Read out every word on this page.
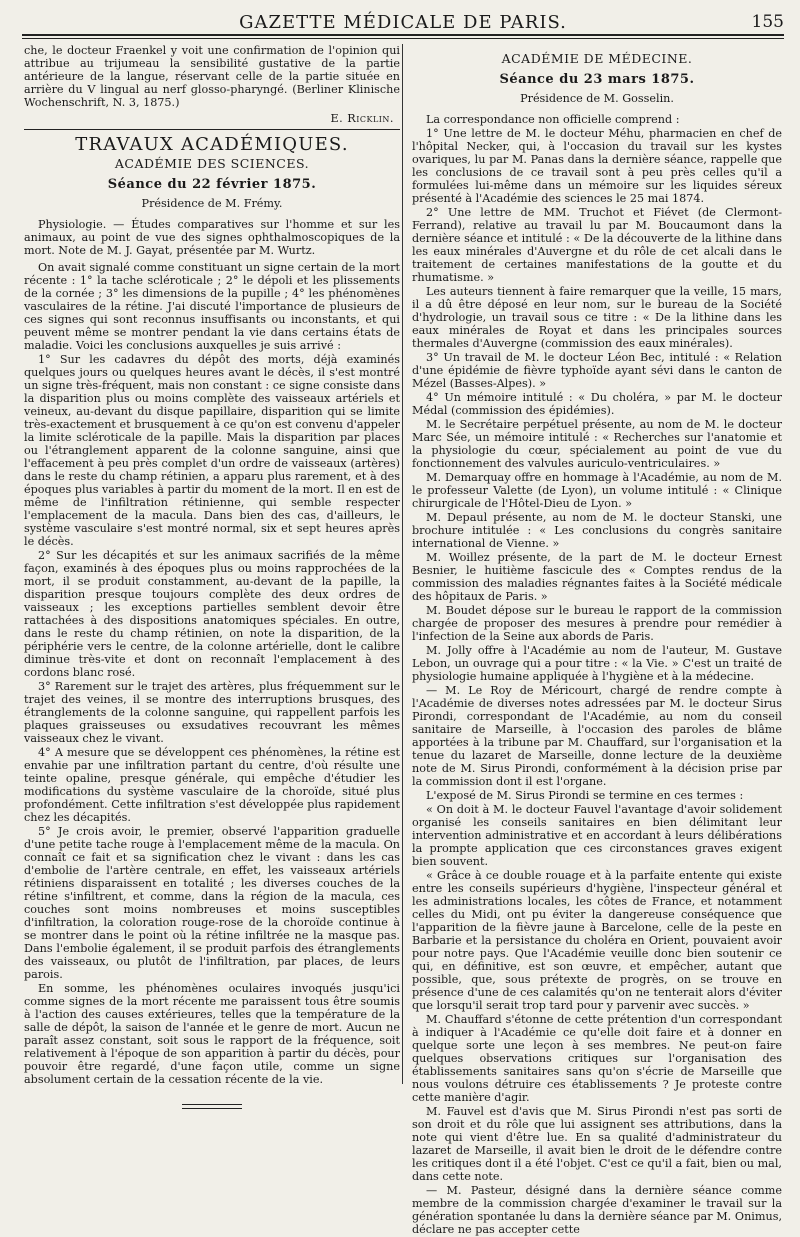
GAZETTE MÉDICALE DE PARIS.	155

che, le docteur Fraenkel y voit une confirmation de l'opinion qui attribue au trijumeau la sensibilité gustative de la partie antérieure de la langue, réservant celle de la partie située en arrière du V lingual au nerf glosso-pharyngé. (Berliner Klinische Wochenschrift, N. 3, 1875.)

E. Ricklin.
TRAVAUX ACADÉMIQUES.
ACADÉMIE DES SCIENCES.
Séance du 22 février 1875.
Présidence de M. Frémy.

Physiologie. — Études comparatives sur l'homme et sur les animaux, au point de vue des signes ophthalmoscopiques de la mort. Note de M. J. Gayat, présentée par M. Wurtz.

On avait signalé comme constituant un signe certain de la mort récente : 1° la tache scléroticale ; 2° le dépoli et les plissements de la cornée ; 3° les dimensions de la pupille ; 4° les phénomènes vasculaires de la rétine. J'ai discuté l'importance de plusieurs de ces signes qui sont reconnus insuffisants ou inconstants, et qui peuvent même se montrer pendant la vie dans certains états de maladie. Voici les conclusions auxquelles je suis arrivé :

1° Sur les cadavres du dépôt des morts, déjà examinés quelques jours ou quelques heures avant le décès, il s'est montré un signe très-fréquent, mais non constant : ce signe consiste dans la disparition plus ou moins complète des vaisseaux artériels et veineux, au-devant du disque papillaire, disparition qui se limite très-exactement et brusquement à ce qu'on est convenu d'appeler la limite scléroticale de la papille. Mais la disparition par places ou l'étranglement apparent de la colonne sanguine, ainsi que l'effacement à peu près complet d'un ordre de vaisseaux (artères) dans le reste du champ rétinien, a apparu plus rarement, et à des époques plus variables à partir du moment de la mort. Il en est de même de l'infiltration rétinienne, qui semble respecter l'emplacement de la macula. Dans bien des cas, d'ailleurs, le système vasculaire s'est montré normal, six et sept heures après le décès.

2° Sur les décapités et sur les animaux sacrifiés de la même façon, examinés à des époques plus ou moins rapprochées de la mort, il se produit constamment, au-devant de la papille, la disparition presque toujours complète des deux ordres de vaisseaux ; les exceptions partielles semblent devoir être rattachées à des dispositions anatomiques spéciales. En outre, dans le reste du champ rétinien, on note la disparition, de la périphérie vers le centre, de la colonne artérielle, dont le calibre diminue très-vite et dont on reconnaît l'emplacement à des cordons blanc rosé.

3° Rarement sur le trajet des artères, plus fréquemment sur le trajet des veines, il se montre des interruptions brusques, des étranglements de la colonne sanguine, qui rappellent parfois les plaques graisseuses ou exsudatives recouvrant les mêmes vaisseaux chez le vivant.

4° A mesure que se développent ces phénomènes, la rétine est envahie par une infiltration partant du centre, d'où résulte une teinte opaline, presque générale, qui empêche d'étudier les modifications du système vasculaire de la choroïde, situé plus profondément. Cette infiltration s'est développée plus rapidement chez les décapités.

5° Je crois avoir, le premier, observé l'apparition graduelle d'une petite tache rouge à l'emplacement même de la macula. On connaît ce fait et sa signification chez le vivant : dans les cas d'embolie de l'artère centrale, en effet, les vaisseaux artériels rétiniens disparaissent en totalité ; les diverses couches de la rétine s'infiltrent, et comme, dans la région de la macula, ces couches sont moins nombreuses et moins susceptibles d'infiltration, la coloration rouge-rose de la choroïde continue à se montrer dans le point où la rétine infiltrée ne la masque pas. Dans l'embolie également, il se produit parfois des étranglements des vaisseaux, ou plutôt de l'infiltration, par places, de leurs parois.

En somme, les phénomènes oculaires invoqués jusqu'ici comme signes de la mort récente me paraissent tous être soumis à l'action des causes extérieures, telles que la température de la salle de dépôt, la saison de l'année et le genre de mort. Aucun ne paraît assez constant, soit sous le rapport de la fréquence, soit relativement à l'époque de son apparition à partir du décès, pour pouvoir être regardé, d'une façon utile, comme un signe absolument certain de la cessation récente de la vie.

ACADÉMIE DE MÉDECINE.
Séance du 23 mars 1875.
Présidence de M. Gosselin.

La correspondance non officielle comprend :

1° Une lettre de M. le docteur Méhu, pharmacien en chef de l'hôpital Necker, qui, à l'occasion du travail sur les kystes ovariques, lu par M. Panas dans la dernière séance, rappelle que les conclusions de ce travail sont à peu près celles qu'il a formulées lui-même dans un mémoire sur les liquides séreux présenté à l'Académie des sciences le 25 mai 1874.

2° Une lettre de MM. Truchot et Fiévet (de Clermont-Ferrand), relative au travail lu par M. Boucaumont dans la dernière séance et intitulé : « De la découverte de la lithine dans les eaux minérales d'Auvergne et du rôle de cet alcali dans le traitement de certaines manifestations de la goutte et du rhumatisme. »

Les auteurs tiennent à faire remarquer que la veille, 15 mars, il a dû être déposé en leur nom, sur le bureau de la Société d'hydrologie, un travail sous ce titre : « De la lithine dans les eaux minérales de Royat et dans les principales sources thermales d'Auvergne (commission des eaux minérales).

3° Un travail de M. le docteur Léon Bec, intitulé : « Relation d'une épidémie de fièvre typhoïde ayant sévi dans le canton de Mézel (Basses-Alpes). »

4° Un mémoire intitulé : « Du choléra, » par M. le docteur Médal (commission des épidémies).

M. le Secrétaire perpétuel présente, au nom de M. le docteur Marc Sée, un mémoire intitulé : « Recherches sur l'anatomie et la physiologie du cœur, spécialement au point de vue du fonctionnement des valvules auriculo-ventriculaires. »

M. Demarquay offre en hommage à l'Académie, au nom de M. le professeur Valette (de Lyon), un volume intitulé : « Clinique chirurgicale de l'Hôtel-Dieu de Lyon. »

M. Depaul présente, au nom de M. le docteur Stanski, une brochure intitulée : « Les conclusions du congrès sanitaire international de Vienne. »

M. Woillez présente, de la part de M. le docteur Ernest Besnier, le huitième fascicule des « Comptes rendus de la commission des maladies régnantes faites à la Société médicale des hôpitaux de Paris. »

M. Boudet dépose sur le bureau le rapport de la commission chargée de proposer des mesures à prendre pour remédier à l'infection de la Seine aux abords de Paris.

M. Jolly offre à l'Académie au nom de l'auteur, M. Gustave Lebon, un ouvrage qui a pour titre : « la Vie. » C'est un traité de physiologie humaine appliquée à l'hygiène et à la médecine.

— M. Le Roy de Méricourt, chargé de rendre compte à l'Académie de diverses notes adressées par M. le docteur Sirus Pirondi, correspondant de l'Académie, au nom du conseil sanitaire de Marseille, à l'occasion des paroles de blâme apportées à la tribune par M. Chauffard, sur l'organisation et la tenue du lazaret de Marseille, donne lecture de la deuxième note de M. Sirus Pirondi, conformément à la décision prise par la commission dont il est l'organe.

L'exposé de M. Sirus Pirondi se termine en ces termes :

« On doit à M. le docteur Fauvel l'avantage d'avoir solidement organisé les conseils sanitaires en bien délimitant leur intervention administrative et en accordant à leurs délibérations la prompte application que ces circonstances graves exigent bien souvent.

« Grâce à ce double rouage et à la parfaite entente qui existe entre les conseils supérieurs d'hygiène, l'inspecteur général et les administrations locales, les côtes de France, et notamment celles du Midi, ont pu éviter la dangereuse conséquence que l'apparition de la fièvre jaune à Barcelone, celle de la peste en Barbarie et la persistance du choléra en Orient, pouvaient avoir pour notre pays. Que l'Académie veuille donc bien soutenir ce qui, en définitive, est son œuvre, et empêcher, autant que possible, que, sous prétexte de progrès, on se trouve en présence d'une de ces calamités qu'on ne tenterait alors d'éviter que lorsqu'il serait trop tard pour y parvenir avec succès. »

M. Chauffard s'étonne de cette prétention d'un correspondant à indiquer à l'Académie ce qu'elle doit faire et à donner en quelque sorte une leçon à ses membres. Ne peut-on faire quelques observations critiques sur l'organisation des établissements sanitaires sans qu'on s'écrie de Marseille que nous voulons détruire ces établissements ? Je proteste contre cette manière d'agir.

M. Fauvel est d'avis que M. Sirus Pirondi n'est pas sorti de son droit et du rôle que lui assignent ses attributions, dans la note qui vient d'être lue. En sa qualité d'administrateur du lazaret de Marseille, il avait bien le droit de le défendre contre les critiques dont il a été l'objet. C'est ce qu'il a fait, bien ou mal, dans cette note.

— M. Pasteur, désigné dans la dernière séance comme membre de la commission chargée d'examiner le travail sur la génération spontanée lu dans la dernière séance par M. Onimus, déclare ne pas accepter cette
